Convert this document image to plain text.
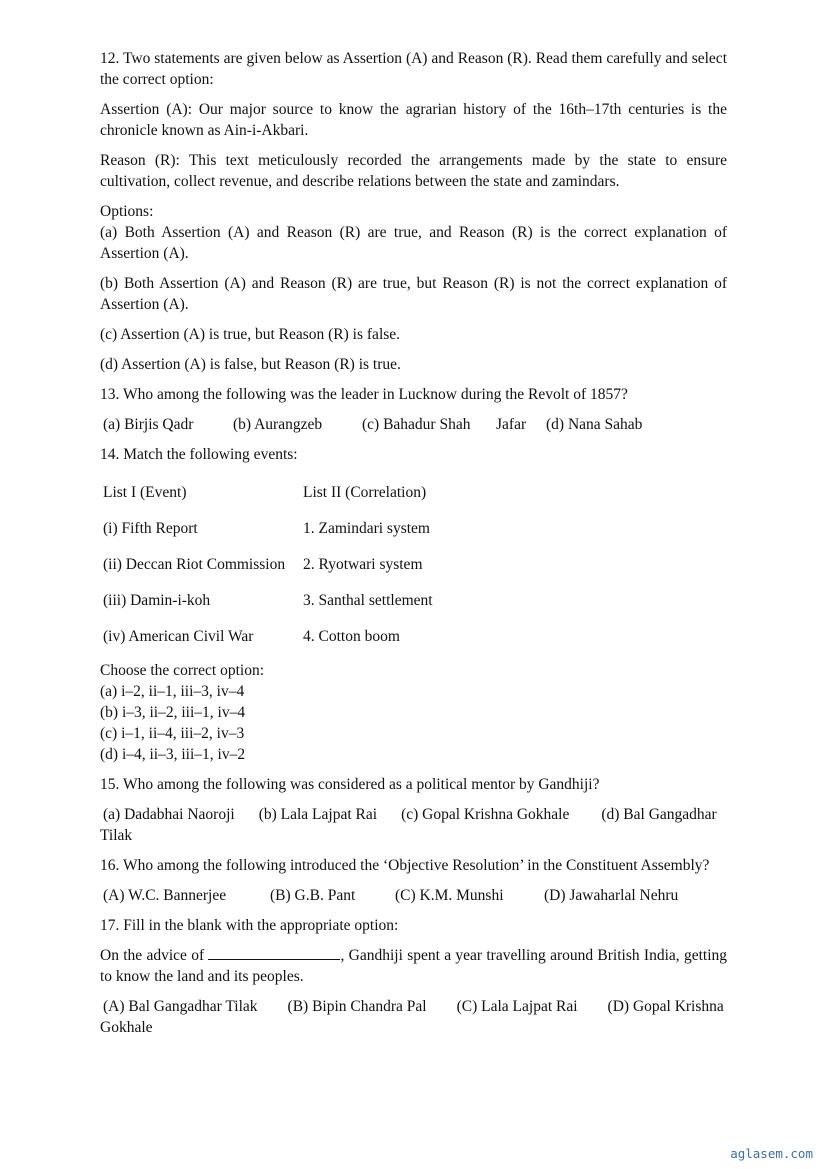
12. Two statements are given below as Assertion (A) and Reason (R). Read them carefully and select the correct option:

Assertion (A): Our major source to know the agrarian history of the 16th–17th centuries is the chronicle known as Ain-i-Akbari.

Reason (R): This text meticulously recorded the arrangements made by the state to ensure cultivation, collect revenue, and describe relations between the state and zamindars.

Options:

(a) Both Assertion (A) and Reason (R) are true, and Reason (R) is the correct explanation of Assertion (A).

(b) Both Assertion (A) and Reason (R) are true, but Reason (R) is not the correct explanation of Assertion (A).

(c) Assertion (A) is true, but Reason (R) is false.

(d) Assertion (A) is false, but Reason (R) is true.

13. Who among the following was the leader in Lucknow during the Revolt of 1857?

(a) Birjis Qadr	(b) Aurangzeb	(c) Bahadur Shah Jafar (d) Nana Sahab

14. Match the following events:

List I (Event)	List II (Correlation)
(i) Fifth Report	1. Zamindari system
(ii) Deccan Riot Commission	2. Ryotwari system
(iii) Damin-i-koh	3. Santhal settlement
(iv) American Civil War	4. Cotton boom

Choose the correct option:

(a) i–2, ii–1, iii–3, iv–4

(b) i–3, ii–2, iii–1, iv–4

(c) i–1, ii–4, iii–2, iv–3

(d) i–4, ii–3, iii–1, iv–2

15. Who among the following was considered as a political mentor by Gandhiji?

(a) Dadabhai Naoroji (b) Lala Lajpat Rai (c) Gopal Krishna Gokhale (d) Bal Gangadhar Tilak

16. Who among the following introduced the ‘Objective Resolution’ in the Constituent Assembly?

(A) W.C. Bannerjee	(B) G.B. Pant	(C) K.M. Munshi	(D) Jawaharlal Nehru

17. Fill in the blank with the appropriate option:

On the advice of	, Gandhiji spent a year travelling around British India, getting to know the land and its peoples.

(A) Bal Gangadhar Tilak (B) Bipin Chandra Pal (C) Lala Lajpat Rai (D) Gopal Krishna Gokhale
aglasem.com
